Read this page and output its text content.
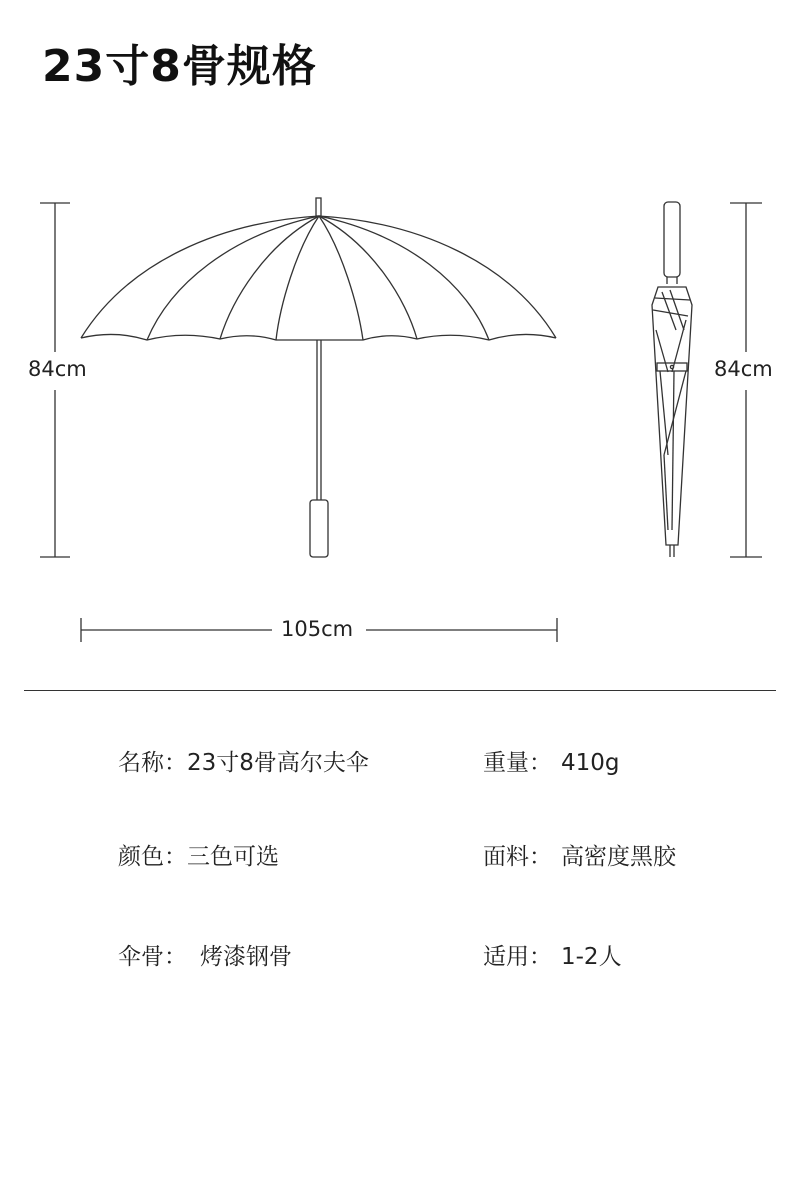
23寸8骨规格
84cm	84cm
105cm
名称：23寸8骨高尔夫伞	重量： 410g
颜色：三色可选	面料： 高密度黑胶
伞骨： 烤漆钢骨	适用： 1-2人
